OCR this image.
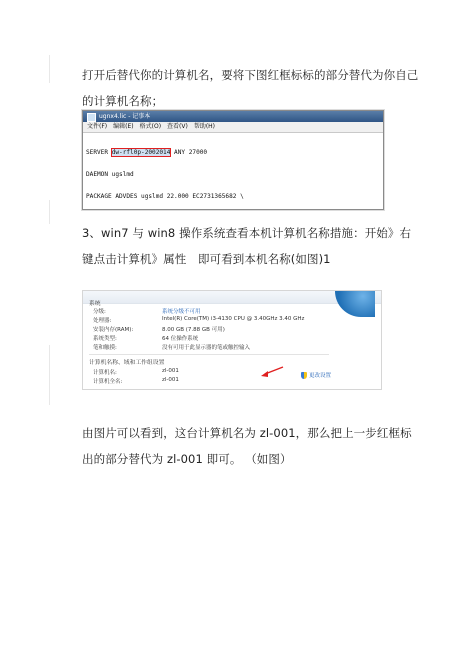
打开后替代你的计算机名，要将下图红框标标的部分替代为你自己的计算机名称；
ugnx4.lic - 记事本
文件(F) 编辑(E) 格式(O) 查看(V) 帮助(H)

SERVER dw-rfl0p-2002014 ANY 27000

DAEMON ugslmd

PACKAGE ADVDES ugslmd 22.000 EC2731365682 \

3、win7 与 win8 操作系统查看本机计算机名称措施：开始》右键点击计算机》属性　即可看到本机名称(如图)1
系统
分级:	系统分级不可用
处理器:	Intel(R) Core(TM) i3-4130 CPU @ 3.40GHz 3.40 GHz
安装内存(RAM):	8.00 GB (7.88 GB 可用)
系统类型:	64 位操作系统
笔和触摸:	没有可用于此显示器的笔或触控输入
计算机名称、域和工作组设置
计算机名:	zl-001
计算机全名:	zl-001
更改设置
由图片可以看到，这台计算机名为 zl-001，那么把上一步红框标出的部分替代为 zl-001 即可。 （如图）
